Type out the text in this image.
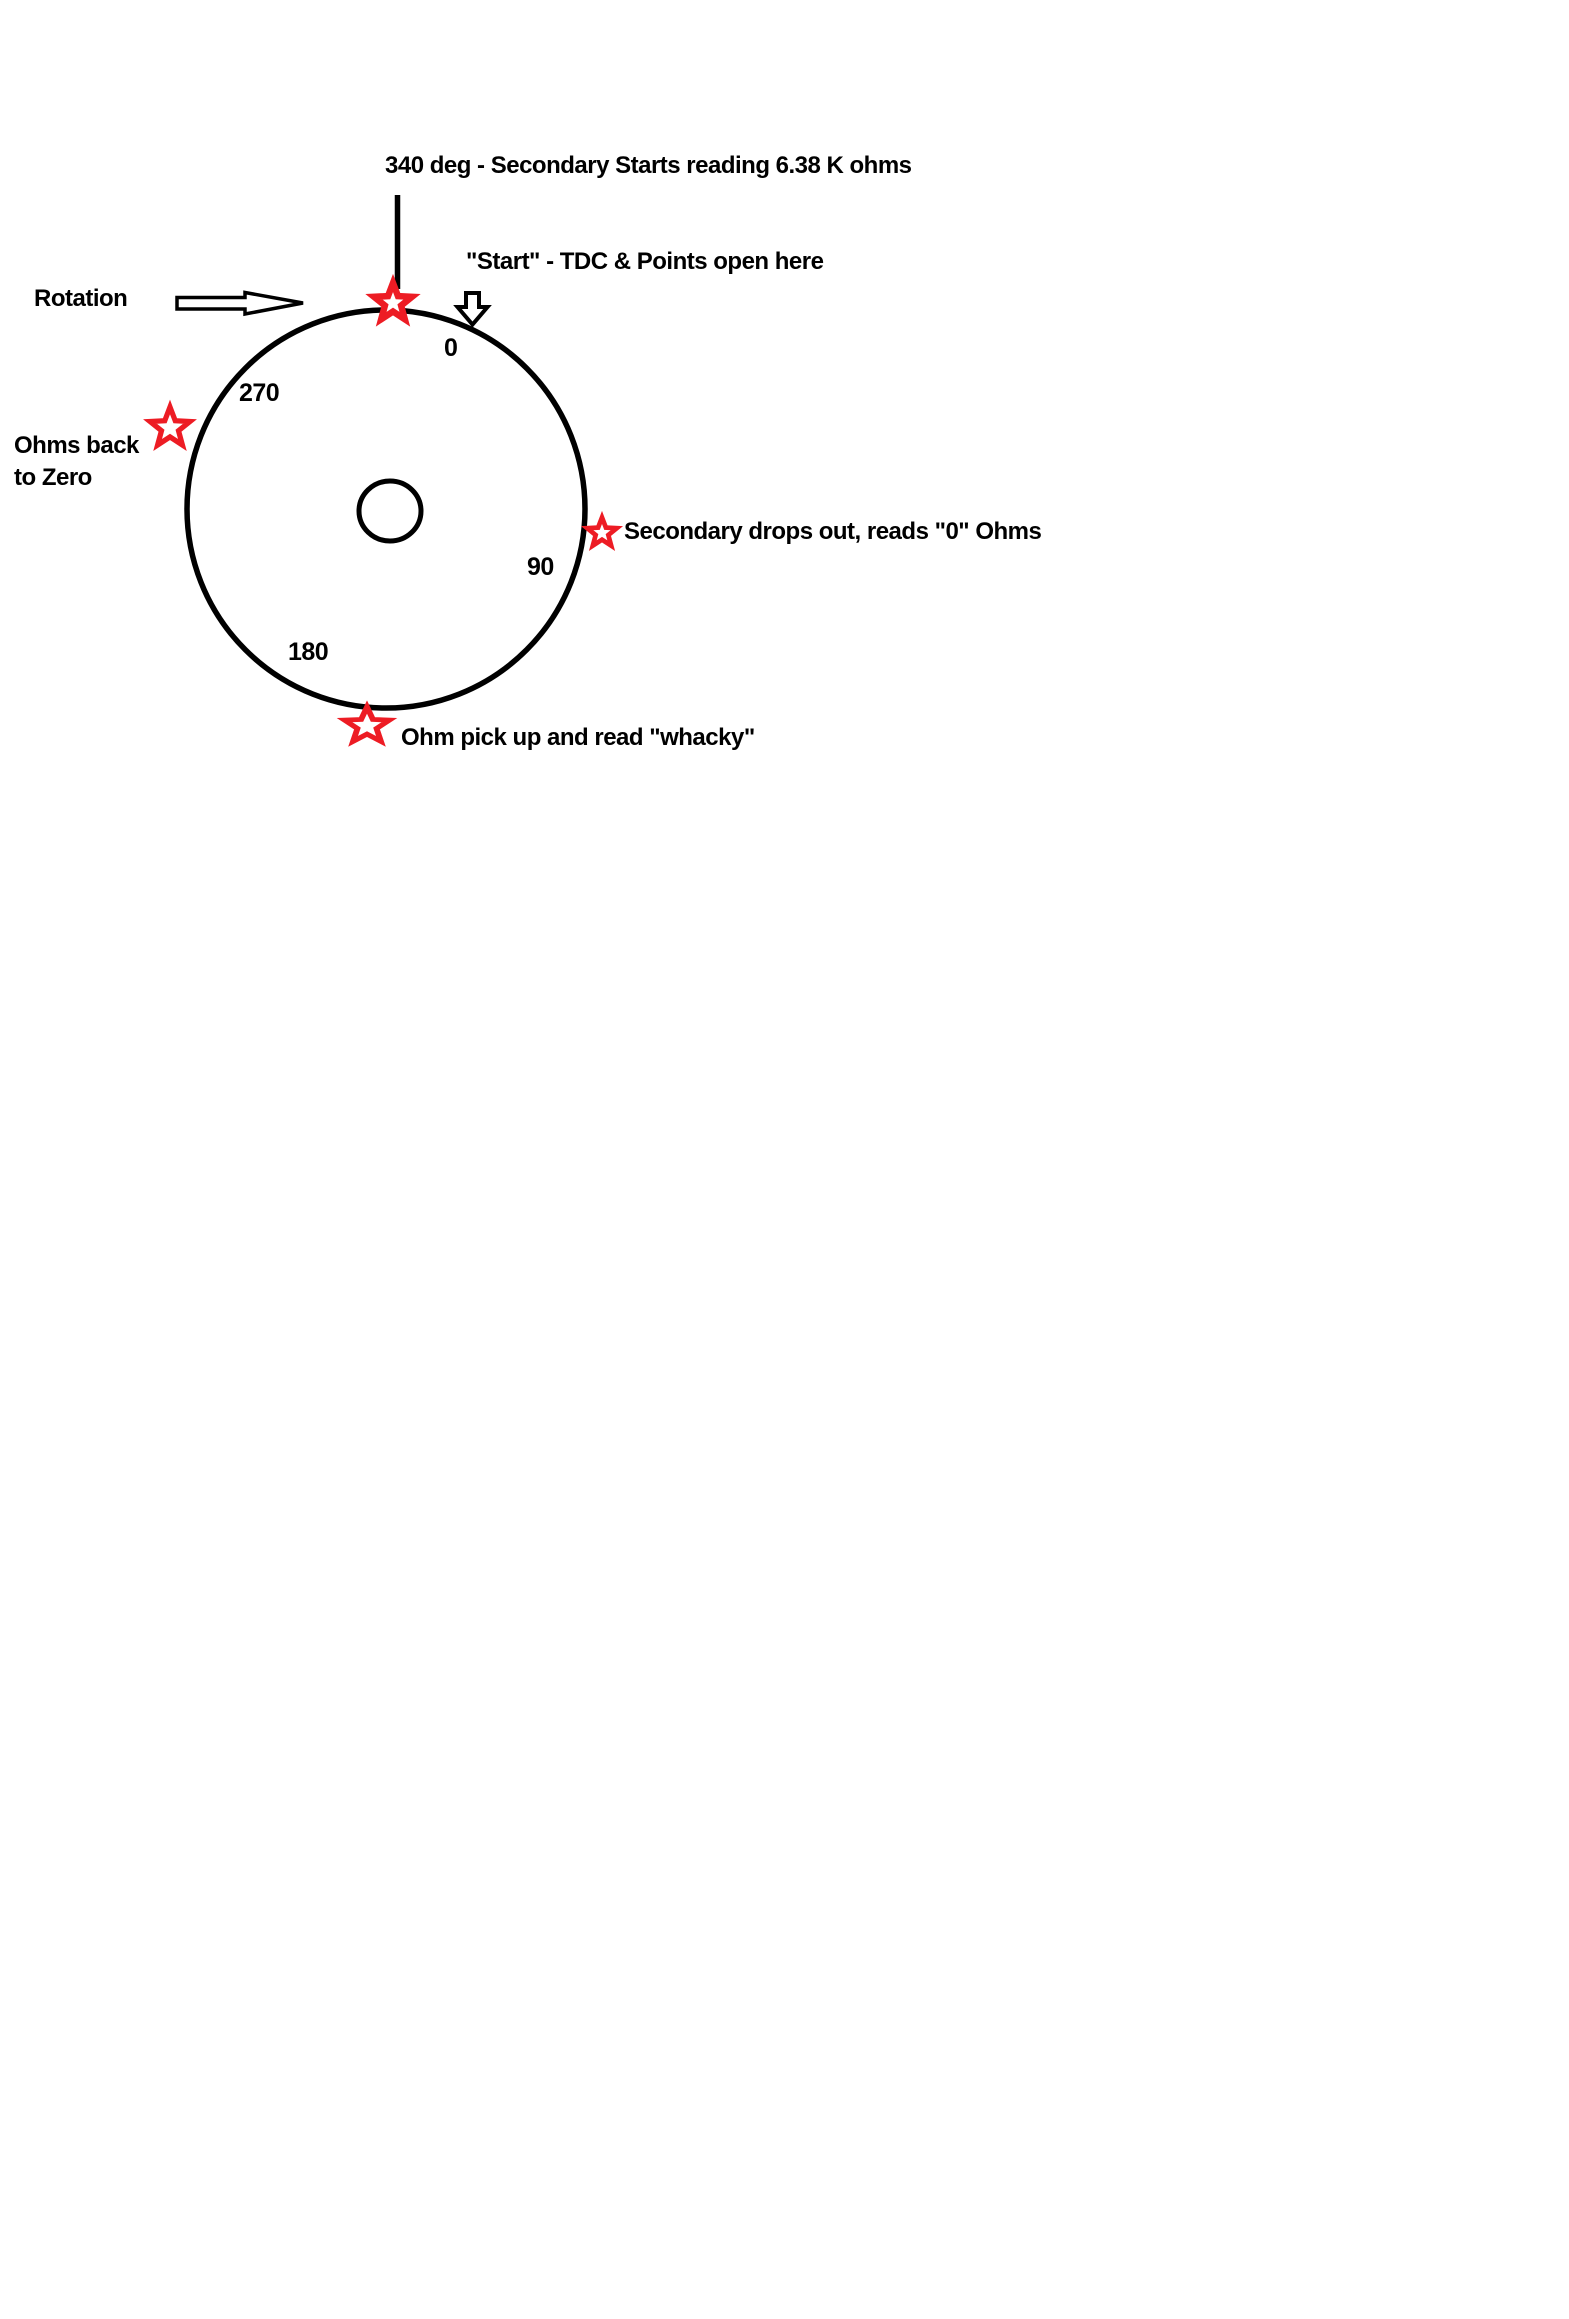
340 deg - Secondary Starts reading 6.38 K ohms
"Start" - TDC & Points open here
Rotation
Ohms back
to Zero
Secondary drops out, reads "0" Ohms
Ohm pick up and read "whacky"
0
270
90
180
